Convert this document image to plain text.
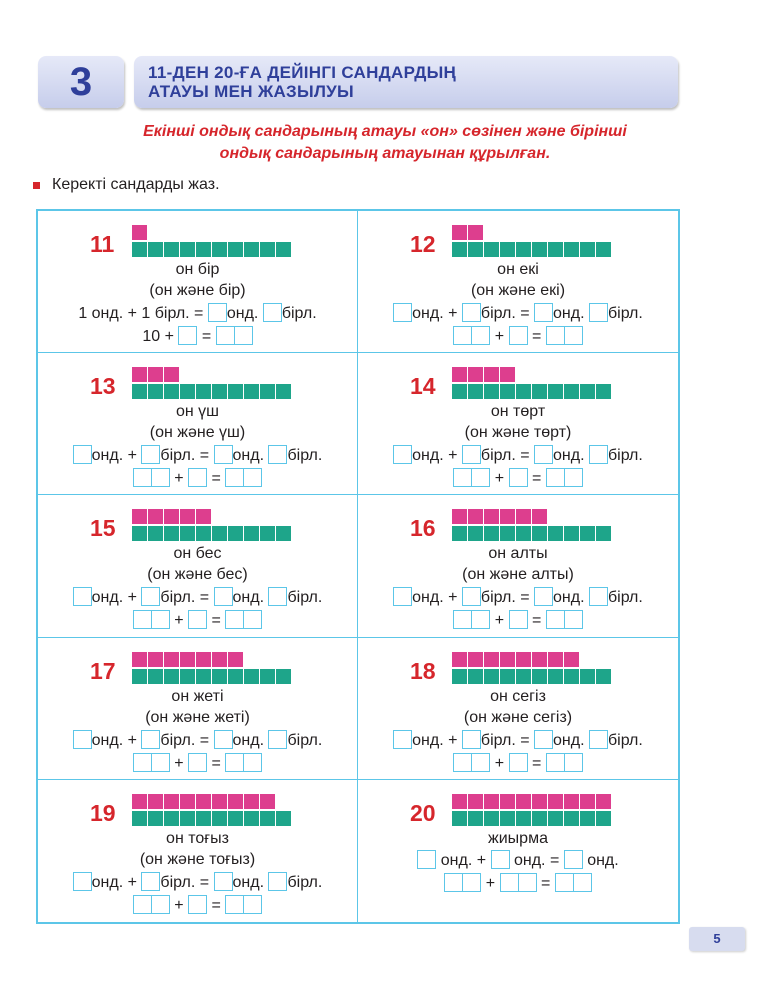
3	11-ДЕН 20-ҒА ДЕЙІНГІ САНДАРДЫҢ
АТАУЫ МЕН ЖАЗЫЛУЫ
Екінші ондық сандарының атауы «он» сөзінен және бірінші
ондық сандарының атауынан құрылған.
Керекті сандарды жаз.
11
он бір
(он және бір)
1 онд. + 1 бірл. = онд. бірл.
10 + =
12
он екі
(он және екі)
онд. + бірл. = онд. бірл.
+ =
13
он үш
(он және үш)
онд. + бірл. = онд. бірл.
+ =
14
он төрт
(он және төрт)
онд. + бірл. = онд. бірл.
+ =
15
он бес
(он және бес)
онд. + бірл. = онд. бірл.
+ =
16
он алты
(он және алты)
онд. + бірл. = онд. бірл.
+ =
17
он жеті
(он және жеті)
онд. + бірл. = онд. бірл.
+ =
18
он сегіз
(он және сегіз)
онд. + бірл. = онд. бірл.
+ =
19
он тоғыз
(он және тоғыз)
онд. + бірл. = онд. бірл.
+ =
20
жиырма
онд. + онд. = онд.
+	=
5
